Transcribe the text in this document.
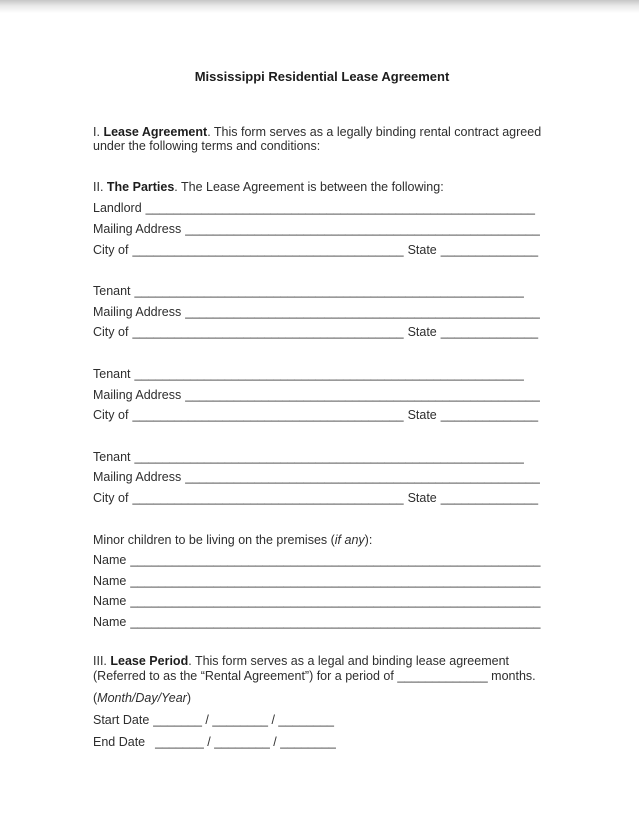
Mississippi Residential Lease Agreement

I. Lease Agreement. This form serves as a legally binding rental contract agreed under the following terms and conditions:

II. The Parties. The Lease Agreement is between the following:

Landlord ________________________________________________________

Mailing Address ___________________________________________________

City of _______________________________________ State ______________

Tenant ________________________________________________________

Mailing Address ___________________________________________________

City of _______________________________________ State ______________

Tenant ________________________________________________________

Mailing Address ___________________________________________________

City of _______________________________________ State ______________

Tenant ________________________________________________________

Mailing Address ___________________________________________________

City of _______________________________________ State ______________

Minor children to be living on the premises (if any):

Name ___________________________________________________________

Name ___________________________________________________________

Name ___________________________________________________________

Name ___________________________________________________________

III. Lease Period. This form serves as a legal and binding lease agreement (Referred to as the “Rental Agreement”) for a period of _____________ months.

(Month/Day/Year)

Start Date _______ / ________ / ________

End Date _______ / ________ / ________
